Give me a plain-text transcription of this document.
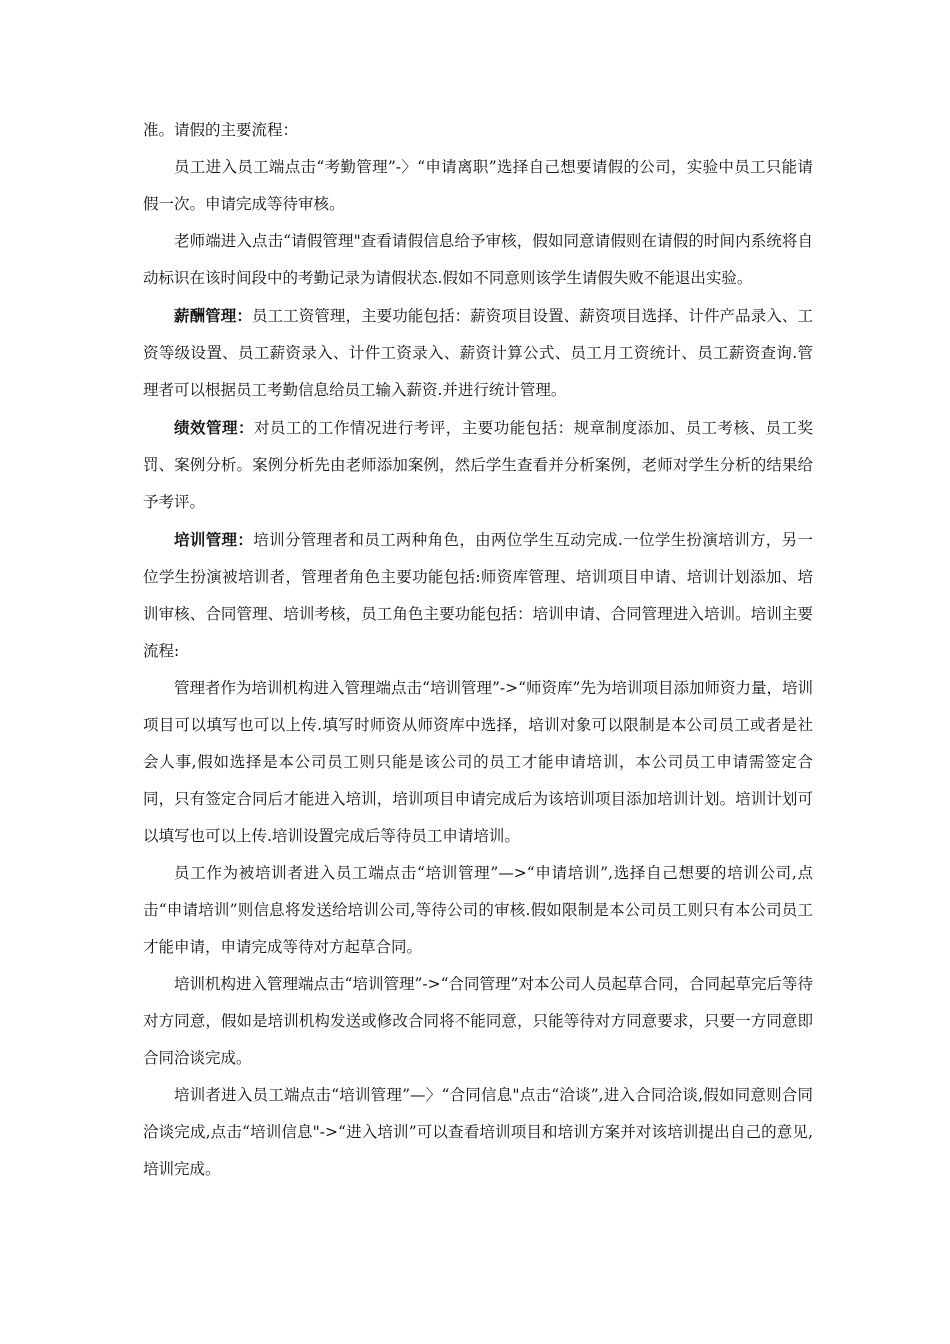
准。请假的主要流程：

员工进入员工端点击“考勤管理”-〉“申请离职”选择自己想要请假的公司，实验中员工只能请假一次。申请完成等待审核。

老师端进入点击“请假管理"查看请假信息给予审核，假如同意请假则在请假的时间内系统将自动标识在该时间段中的考勤记录为请假状态.假如不同意则该学生请假失败不能退出实验。

薪酬管理：员工工资管理，主要功能包括：薪资项目设置、薪资项目选择、计件产品录入、工资等级设置、员工薪资录入、计件工资录入、薪资计算公式、员工月工资统计、员工薪资查询.管理者可以根据员工考勤信息给员工输入薪资.并进行统计管理。

绩效管理：对员工的工作情况进行考评，主要功能包括：规章制度添加、员工考核、员工奖罚、案例分析。案例分析先由老师添加案例，然后学生查看并分析案例，老师对学生分析的结果给予考评。

培训管理：培训分管理者和员工两种角色，由两位学生互动完成.一位学生扮演培训方，另一位学生扮演被培训者，管理者角色主要功能包括:师资库管理、培训项目申请、培训计划添加、培训审核、合同管理、培训考核，员工角色主要功能包括：培训申请、合同管理进入培训。培训主要流程:

管理者作为培训机构进入管理端点击“培训管理”->“师资库”先为培训项目添加师资力量，培训项目可以填写也可以上传.填写时师资从师资库中选择，培训对象可以限制是本公司员工或者是社会人事,假如选择是本公司员工则只能是该公司的员工才能申请培训，本公司员工申请需签定合同，只有签定合同后才能进入培训，培训项目申请完成后为该培训项目添加培训计划。培训计划可以填写也可以上传.培训设置完成后等待员工申请培训。

员工作为被培训者进入员工端点击“培训管理”—>“申请培训”,选择自己想要的培训公司,点击“申请培训”则信息将发送给培训公司,等待公司的审核.假如限制是本公司员工则只有本公司员工才能申请，申请完成等待对方起草合同。

培训机构进入管理端点击“培训管理”->“合同管理”对本公司人员起草合同，合同起草完后等待对方同意，假如是培训机构发送或修改合同将不能同意，只能等待对方同意要求，只要一方同意即合同洽谈完成。

培训者进入员工端点击“培训管理”—〉“合同信息"点击“洽谈”,进入合同洽谈,假如同意则合同洽谈完成,点击“培训信息"->“进入培训”可以查看培训项目和培训方案并对该培训提出自己的意见,培训完成。
